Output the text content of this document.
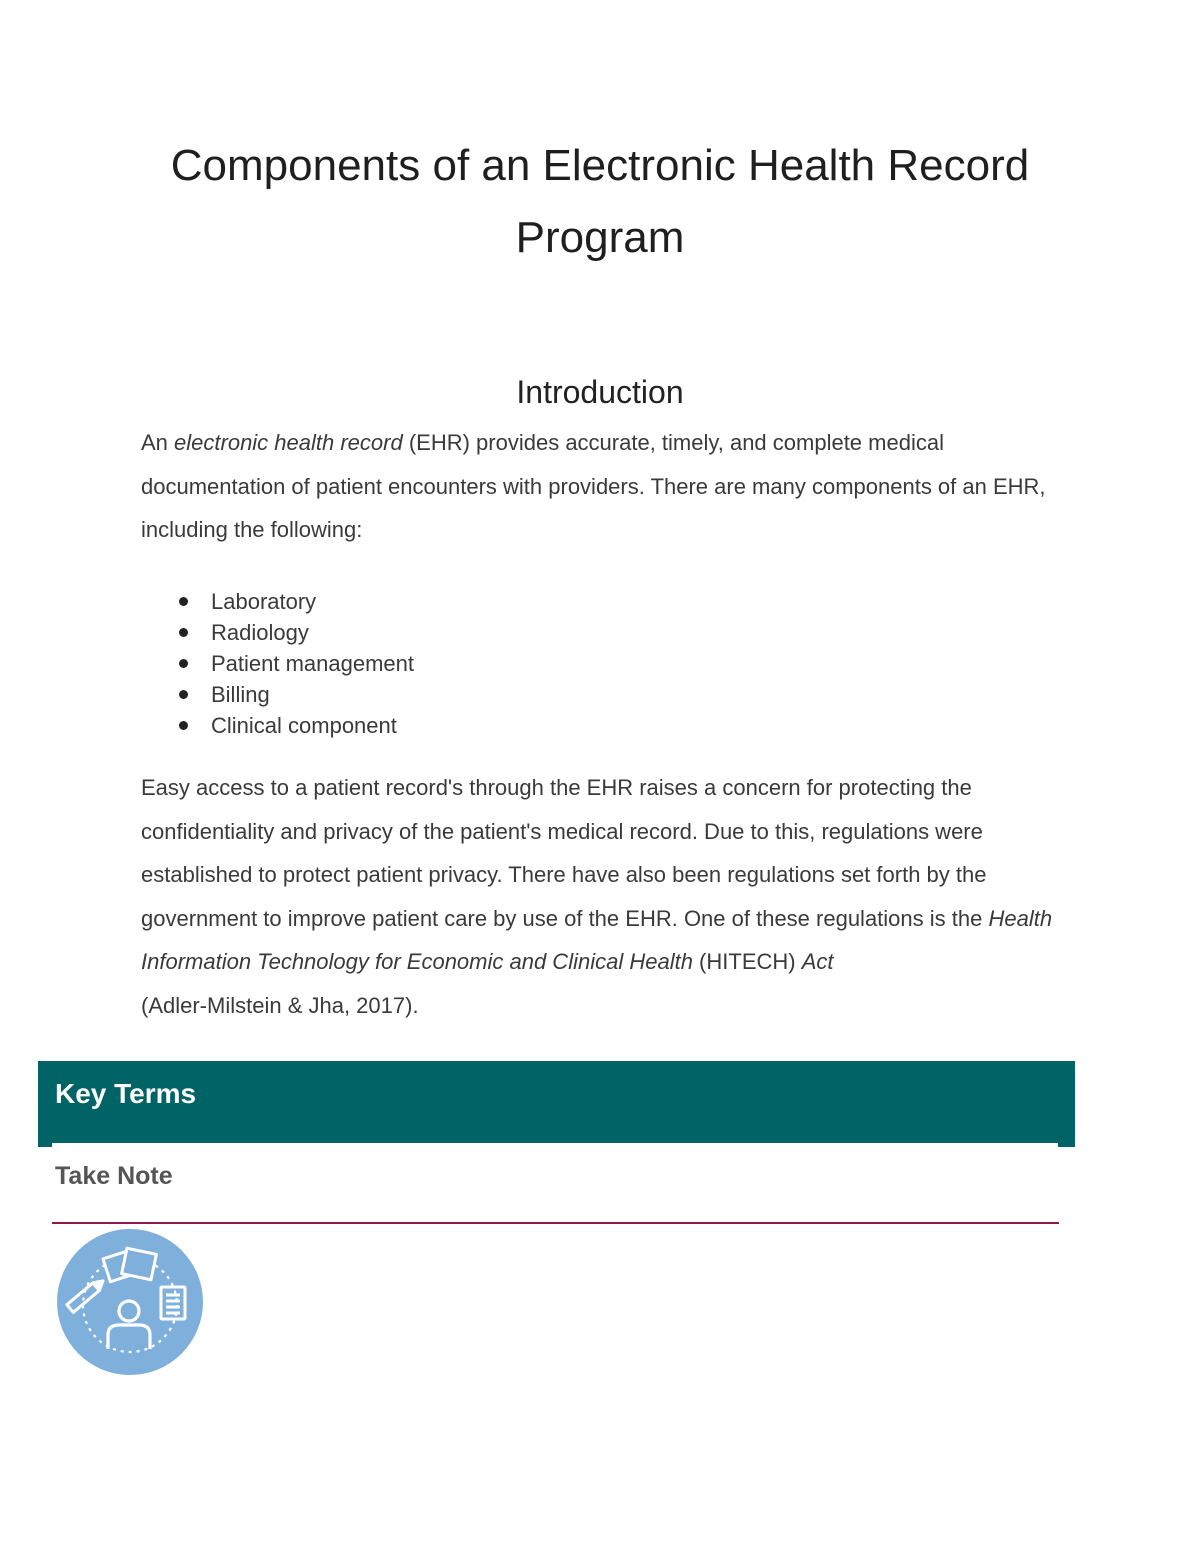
Components of an Electronic Health Record
Program
Introduction

An electronic health record (EHR) provides accurate, timely, and complete medical documentation of patient encounters with providers. There are many components of an EHR, including the following:

Laboratory
Radiology
Patient management
Billing
Clinical component

Easy access to a patient record's through the EHR raises a concern for protecting the confidentiality and privacy of the patient's medical record. Due to this, regulations were established to protect patient privacy. There have also been regulations set forth by the government to improve patient care by use of the EHR. One of these regulations is the Health Information Technology for Economic and Clinical Health (HITECH) Act
(Adler-Milstein & Jha, 2017).

Key Terms
Take Note
